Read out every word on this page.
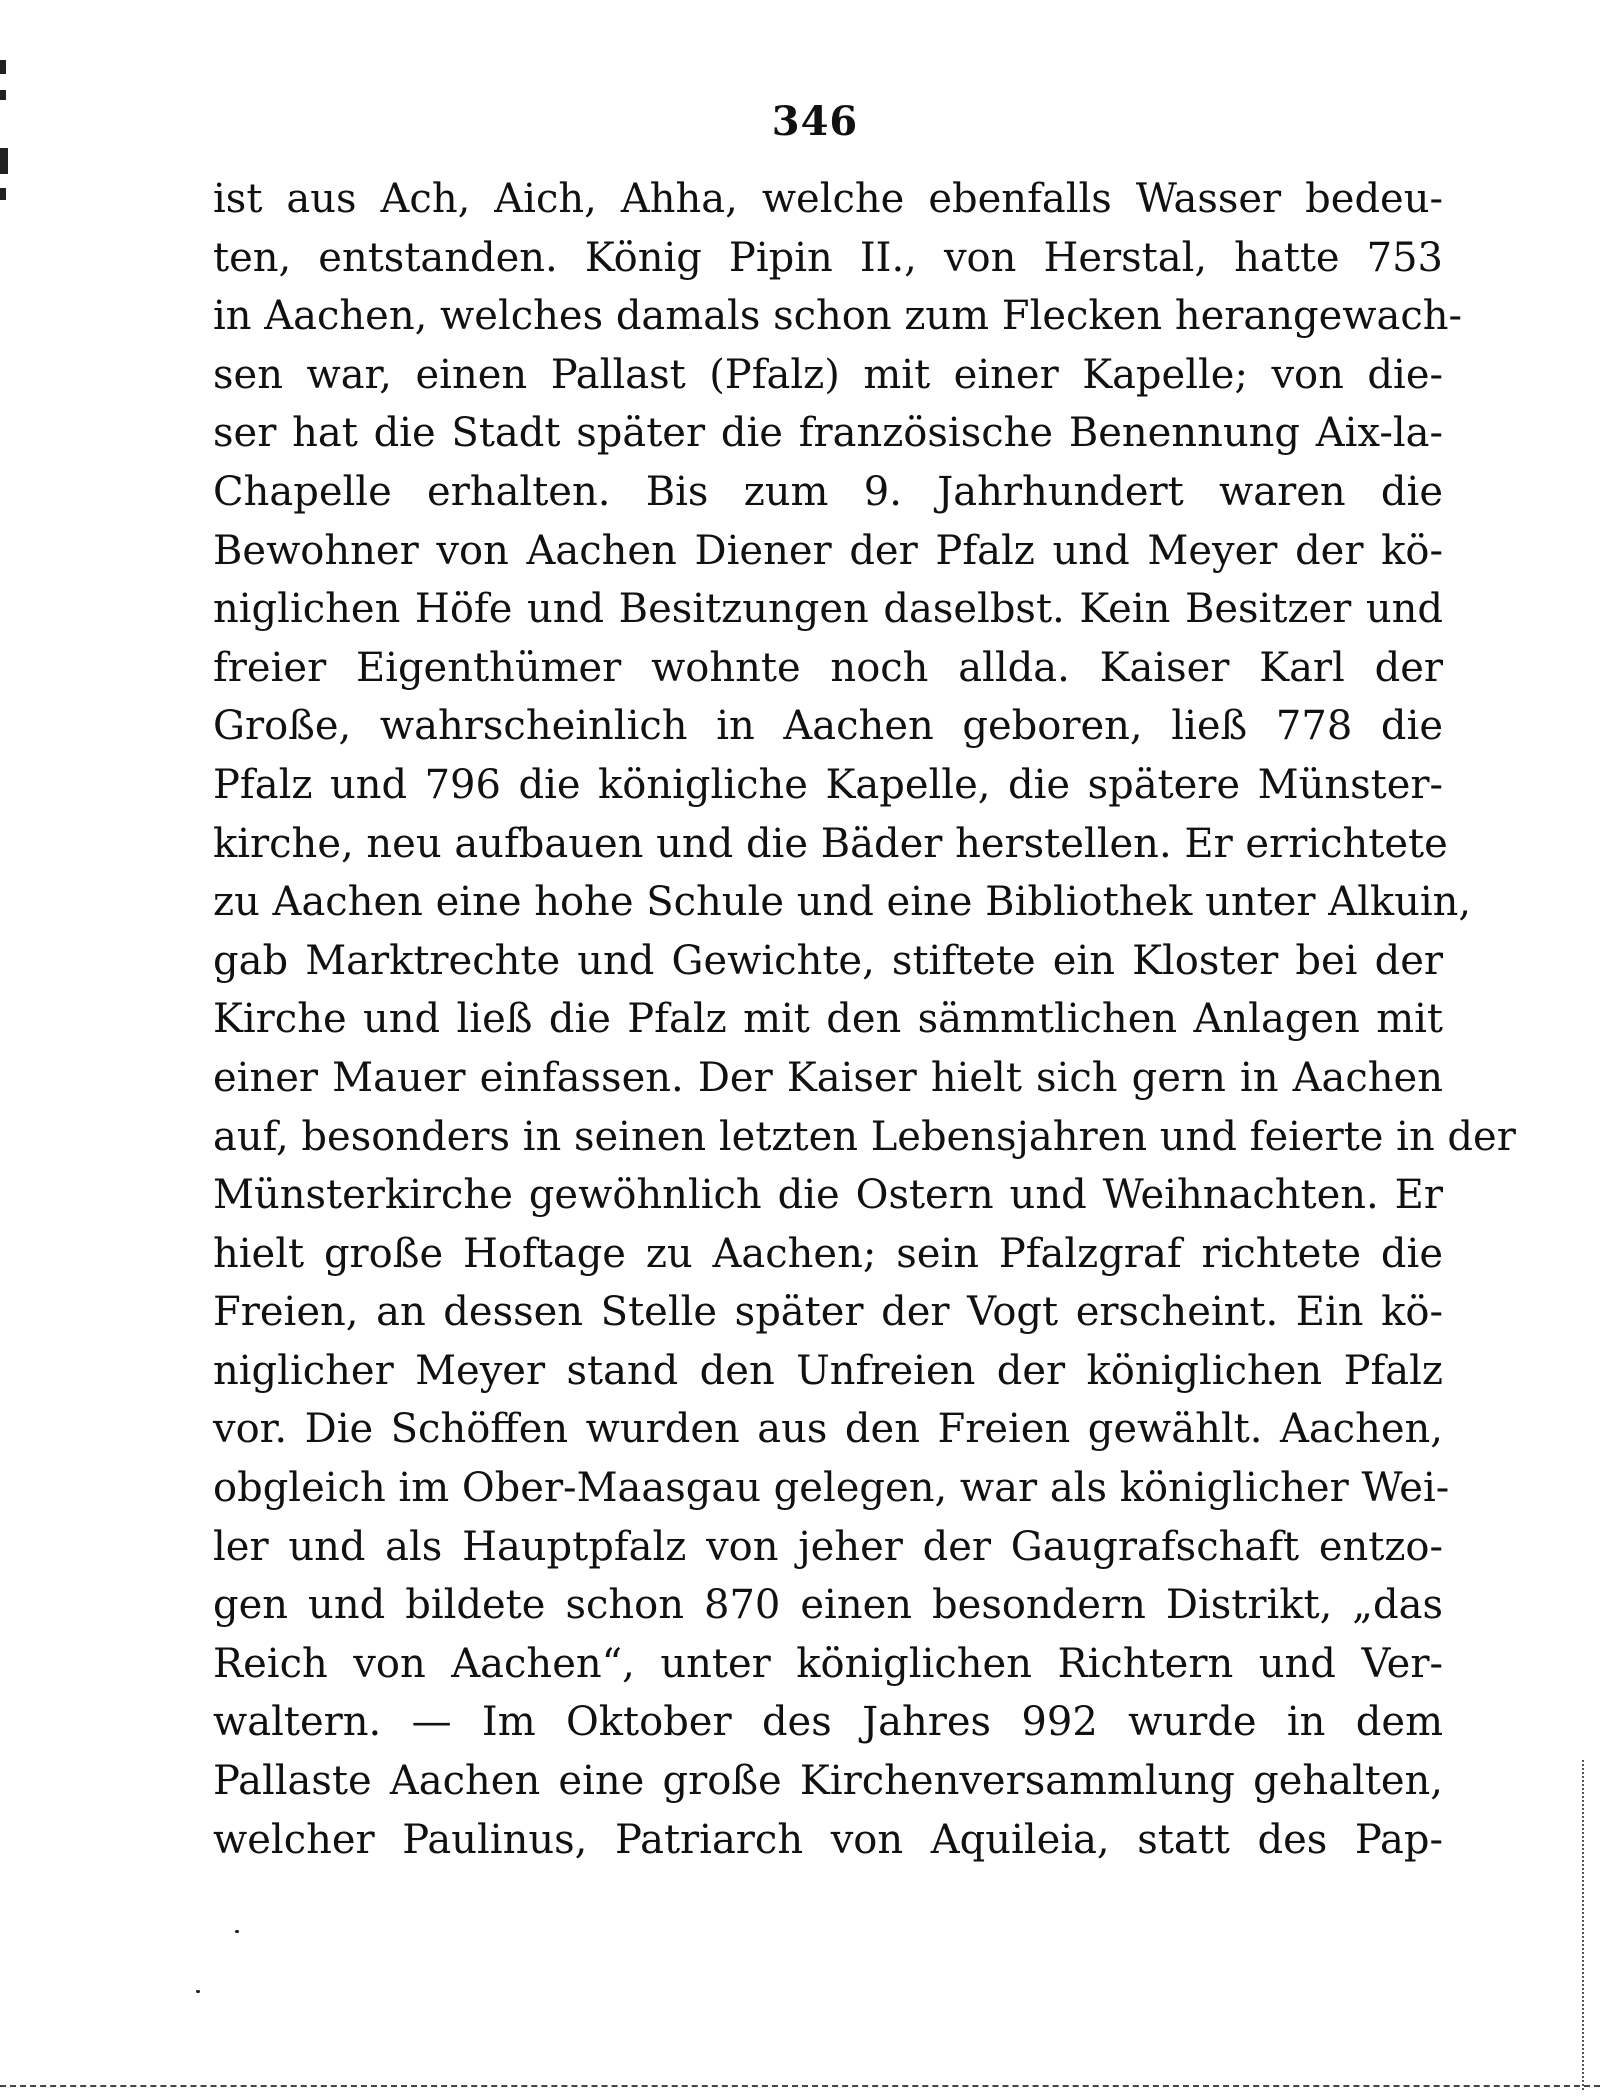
346
ist aus Ach, Aich, Ahha, welche ebenfalls Wasser bedeu-
ten, entstanden. König Pipin II., von Herstal, hatte 753
in Aachen, welches damals schon zum Flecken herangewach-
sen war, einen Pallast (Pfalz) mit einer Kapelle; von die-
ser hat die Stadt später die französische Benennung Aix-la-
Chapelle erhalten. Bis zum 9. Jahrhundert waren die
Bewohner von Aachen Diener der Pfalz und Meyer der kö-
niglichen Höfe und Besitzungen daselbst. Kein Besitzer und
freier Eigenthümer wohnte noch allda. Kaiser Karl der
Große, wahrscheinlich in Aachen geboren, ließ 778 die
Pfalz und 796 die königliche Kapelle, die spätere Münster-
kirche, neu aufbauen und die Bäder herstellen. Er errichtete
zu Aachen eine hohe Schule und eine Bibliothek unter Alkuin,
gab Marktrechte und Gewichte, stiftete ein Kloster bei der
Kirche und ließ die Pfalz mit den sämmtlichen Anlagen mit
einer Mauer einfassen. Der Kaiser hielt sich gern in Aachen
auf, besonders in seinen letzten Lebensjahren und feierte in der
Münsterkirche gewöhnlich die Ostern und Weihnachten. Er
hielt große Hoftage zu Aachen; sein Pfalzgraf richtete die
Freien, an dessen Stelle später der Vogt erscheint. Ein kö-
niglicher Meyer stand den Unfreien der königlichen Pfalz
vor. Die Schöffen wurden aus den Freien gewählt. Aachen,
obgleich im Ober-Maasgau gelegen, war als königlicher Wei-
ler und als Hauptpfalz von jeher der Gaugrafschaft entzo-
gen und bildete schon 870 einen besondern Distrikt, „das
Reich von Aachen“, unter königlichen Richtern und Ver-
waltern. — Im Oktober des Jahres 992 wurde in dem
Pallaste Aachen eine große Kirchenversammlung gehalten,
welcher Paulinus, Patriarch von Aquileia, statt des Pap-
